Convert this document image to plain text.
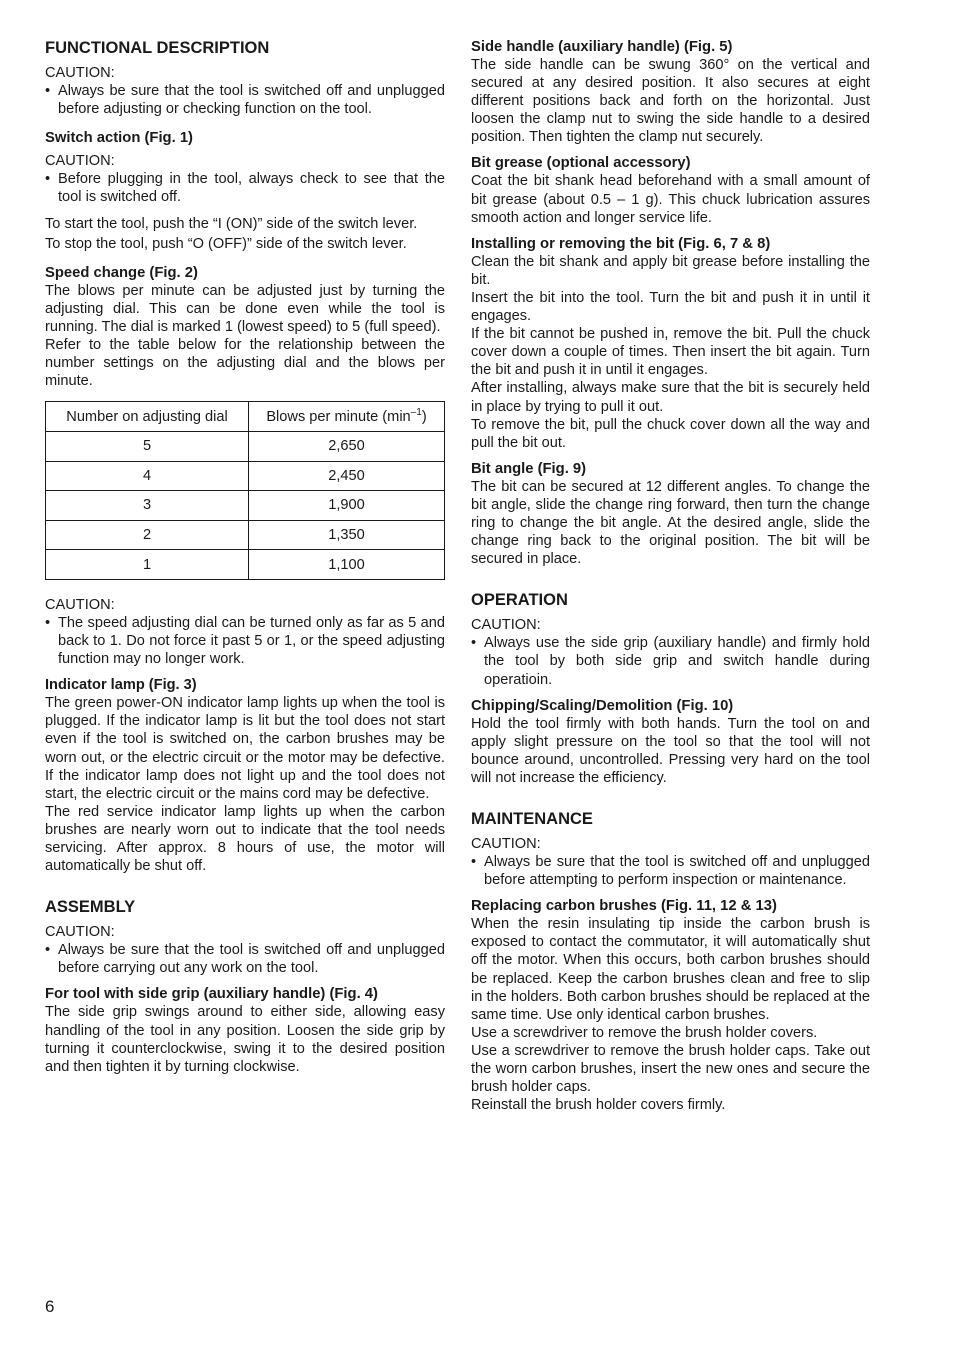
FUNCTIONAL DESCRIPTION

CAUTION:

• Always be sure that the tool is switched off and unplugged before adjusting or checking function on the tool.

Switch action (Fig. 1)

CAUTION:

• Before plugging in the tool, always check to see that the tool is switched off.

To start the tool, push the “I (ON)” side of the switch lever.

To stop the tool, push “O (OFF)” side of the switch lever.

Speed change (Fig. 2)

The blows per minute can be adjusted just by turning the adjusting dial. This can be done even while the tool is running. The dial is marked 1 (lowest speed) to 5 (full speed).

Refer to the table below for the relationship between the number settings on the adjusting dial and the blows per minute.

Number on adjusting dial	Blows per minute $(\min^{-1})$
5	2,650
4	2,450
3	1,900
2	1,350
1	1,100

CAUTION:

• The speed adjusting dial can be turned only as far as 5 and back to 1. Do not force it past 5 or 1, or the speed adjusting function may no longer work.

Indicator lamp (Fig. 3)

The green power-ON indicator lamp lights up when the tool is plugged. If the indicator lamp is lit but the tool does not start even if the tool is switched on, the carbon brushes may be worn out, or the electric circuit or the motor may be defective. If the indicator lamp does not light up and the tool does not start, the electric circuit or the mains cord may be defective.

The red service indicator lamp lights up when the carbon brushes are nearly worn out to indicate that the tool needs servicing. After approx. 8 hours of use, the motor will automatically be shut off.

ASSEMBLY

CAUTION:

• Always be sure that the tool is switched off and unplugged before carrying out any work on the tool.

For tool with side grip (auxiliary handle) (Fig. 4)

The side grip swings around to either side, allowing easy handling of the tool in any position. Loosen the side grip by turning it counterclockwise, swing it to the desired position and then tighten it by turning clockwise.

Side handle (auxiliary handle) (Fig. 5)

The side handle can be swung 360° on the vertical and secured at any desired position. It also secures at eight different positions back and forth on the horizontal. Just loosen the clamp nut to swing the side handle to a desired position. Then tighten the clamp nut securely.

Bit grease (optional accessory)

Coat the bit shank head beforehand with a small amount of bit grease (about 0.5 – 1 g). This chuck lubrication assures smooth action and longer service life.

Installing or removing the bit (Fig. 6, 7 & 8)

Clean the bit shank and apply bit grease before installing the bit.

Insert the bit into the tool. Turn the bit and push it in until it engages.

If the bit cannot be pushed in, remove the bit. Pull the chuck cover down a couple of times. Then insert the bit again. Turn the bit and push it in until it engages.

After installing, always make sure that the bit is securely held in place by trying to pull it out.

To remove the bit, pull the chuck cover down all the way and pull the bit out.

Bit angle (Fig. 9)

The bit can be secured at 12 different angles. To change the bit angle, slide the change ring forward, then turn the change ring to change the bit angle. At the desired angle, slide the change ring back to the original position. The bit will be secured in place.

OPERATION

CAUTION:

• Always use the side grip (auxiliary handle) and firmly hold the tool by both side grip and switch handle during operatioin.

Chipping/Scaling/Demolition (Fig. 10)

Hold the tool firmly with both hands. Turn the tool on and apply slight pressure on the tool so that the tool will not bounce around, uncontrolled. Pressing very hard on the tool will not increase the efficiency.

MAINTENANCE

CAUTION:

• Always be sure that the tool is switched off and unplugged before attempting to perform inspection or maintenance.

Replacing carbon brushes (Fig. 11, 12 & 13)

When the resin insulating tip inside the carbon brush is exposed to contact the commutator, it will automatically shut off the motor. When this occurs, both carbon brushes should be replaced. Keep the carbon brushes clean and free to slip in the holders. Both carbon brushes should be replaced at the same time. Use only identical carbon brushes.

Use a screwdriver to remove the brush holder covers.

Use a screwdriver to remove the brush holder caps. Take out the worn carbon brushes, insert the new ones and secure the brush holder caps.

Reinstall the brush holder covers firmly.

6
